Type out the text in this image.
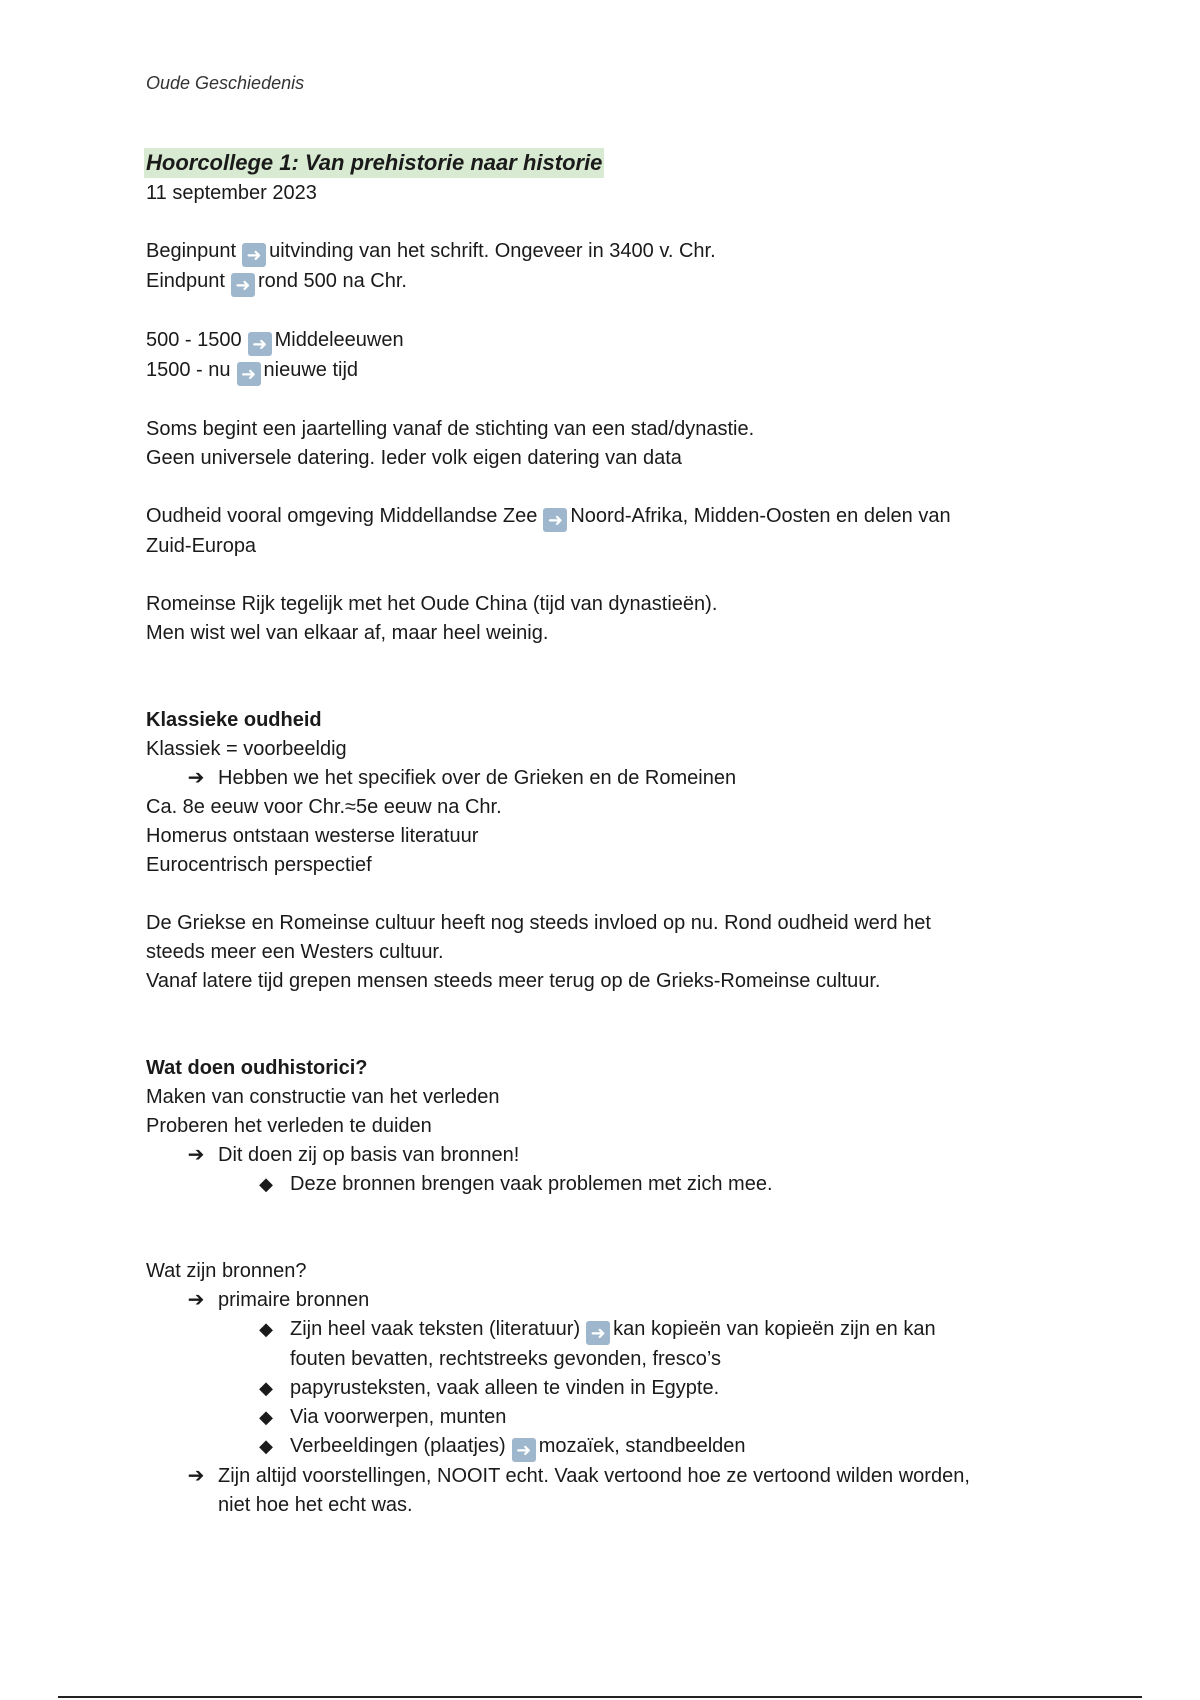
Oude Geschiedenis
Hoorcollege 1: Van prehistorie naar historie
11 september 2023
Beginpunt ➜ uitvinding van het schrift. Ongeveer in 3400 v. Chr.
Eindpunt ➜ rond 500 na Chr.
500 - 1500 ➜ Middeleeuwen
1500 - nu ➜ nieuwe tijd
Soms begint een jaartelling vanaf de stichting van een stad/dynastie.
Geen universele datering. Ieder volk eigen datering van data
Oudheid vooral omgeving Middellandse Zee ➜ Noord-Afrika, Midden-Oosten en delen van
Zuid-Europa
Romeinse Rijk tegelijk met het Oude China (tijd van dynastieën).
Men wist wel van elkaar af, maar heel weinig.
Klassieke oudheid
Klassiek = voorbeeldig
➔ Hebben we het specifiek over de Grieken en de Romeinen
Ca. 8e eeuw voor Chr.≈5e eeuw na Chr.
Homerus ontstaan westerse literatuur
Eurocentrisch perspectief
De Griekse en Romeinse cultuur heeft nog steeds invloed op nu. Rond oudheid werd het
steeds meer een Westers cultuur.
Vanaf latere tijd grepen mensen steeds meer terug op de Grieks-Romeinse cultuur.
Wat doen oudhistorici?
Maken van constructie van het verleden
Proberen het verleden te duiden
➔ Dit doen zij op basis van bronnen!
◆ Deze bronnen brengen vaak problemen met zich mee.
Wat zijn bronnen?
➔ primaire bronnen
◆ Zijn heel vaak teksten (literatuur) ➜ kan kopieën van kopieën zijn en kan
fouten bevatten, rechtstreeks gevonden, fresco’s
◆ papyrusteksten, vaak alleen te vinden in Egypte.
◆ Via voorwerpen, munten
◆ Verbeeldingen (plaatjes) ➜ mozaïek, standbeelden
➔ Zijn altijd voorstellingen, NOOIT echt. Vaak vertoond hoe ze vertoond wilden worden,
niet hoe het echt was.
